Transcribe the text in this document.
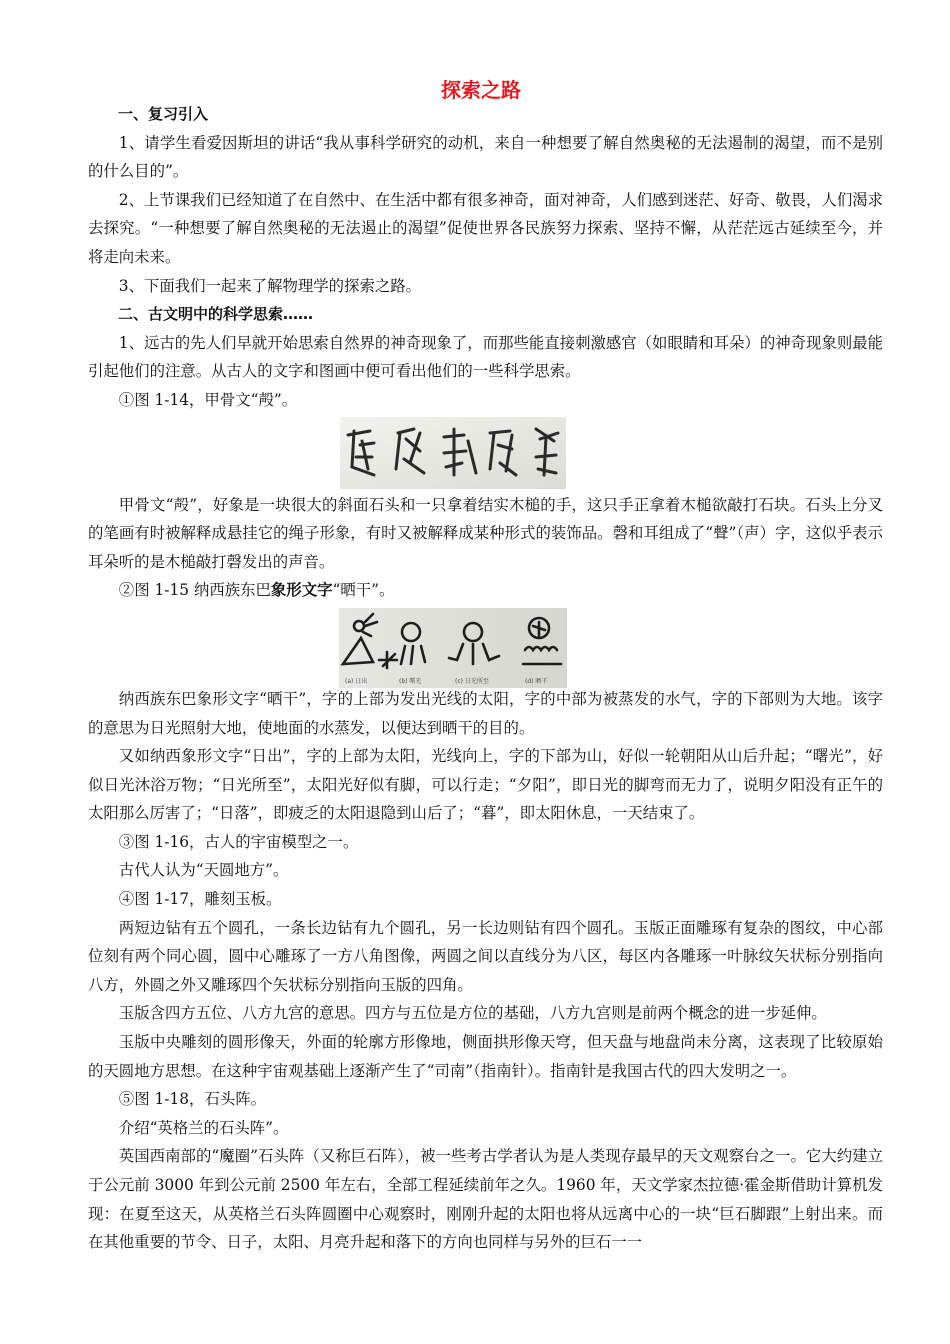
探索之路

一、复习引入

1、请学生看爱因斯坦的讲话“我从事科学研究的动机，来自一种想要了解自然奥秘的无法遏制的渴望，而不是别的什么目的”。

2、上节课我们已经知道了在自然中、在生活中都有很多神奇，面对神奇，人们感到迷茫、好奇、敬畏，人们渴求去探究。“一种想要了解自然奥秘的无法遏止的渴望”促使世界各民族努力探索、坚持不懈，从茫茫远古延续至今，并将走向未来。

3、下面我们一起来了解物理学的探索之路。

二、古文明中的科学思索……

1、远古的先人们早就开始思索自然界的神奇现象了，而那些能直接刺激感官（如眼睛和耳朵）的神奇现象则最能引起他们的注意。从古人的文字和图画中便可看出他们的一些科学思索。

①图 1-14，甲骨文“殸”。

甲骨文“殸”，好象是一块很大的斜面石头和一只拿着结实木槌的手，这只手正拿着木槌欲敲打石块。石头上分叉的笔画有时被解释成悬挂它的绳子形象，有时又被解释成某种形式的装饰品。磬和耳组成了“聲”（声）字，这似乎表示耳朵听的是木槌敲打磬发出的声音。

②图 1-15 纳西族东巴象形文字“晒干”。

(a) 日出	(b) 曙光	(c) 日光所至	(d) 晒干

纳西族东巴象形文字“晒干”，字的上部为发出光线的太阳，字的中部为被蒸发的水气，字的下部则为大地。该字的意思为日光照射大地，使地面的水蒸发，以便达到晒干的目的。

又如纳西象形文字“日出”，字的上部为太阳，光线向上，字的下部为山，好似一轮朝阳从山后升起；“曙光”，好似日光沐浴万物；“日光所至”，太阳光好似有脚，可以行走；“夕阳”，即日光的脚弯而无力了，说明夕阳没有正午的太阳那么厉害了；“日落”，即疲乏的太阳退隐到山后了；“暮”，即太阳休息，一天结束了。

③图 1-16，古人的宇宙模型之一。

古代人认为“天圆地方”。

④图 1-17，雕刻玉板。

两短边钻有五个圆孔，一条长边钻有九个圆孔，另一长边则钻有四个圆孔。玉版正面雕琢有复杂的图纹，中心部位刻有两个同心圆，圆中心雕琢了一方八角图像，两圆之间以直线分为八区，每区内各雕琢一叶脉纹矢状标分别指向八方，外圆之外又雕琢四个矢状标分别指向玉版的四角。

玉版含四方五位、八方九宫的意思。四方与五位是方位的基础，八方九宫则是前两个概念的进一步延伸。

玉版中央雕刻的圆形像天，外面的轮廓方形像地，侧面拱形像天穹，但天盘与地盘尚未分离，这表现了比较原始的天圆地方思想。在这种宇宙观基础上逐渐产生了“司南”（指南针）。指南针是我国古代的四大发明之一。

⑤图 1-18，石头阵。

介绍“英格兰的石头阵”。

英国西南部的“魔圈”石头阵（又称巨石阵），被一些考古学者认为是人类现存最早的天文观察台之一。它大约建立于公元前 3000 年到公元前 2500 年左右，全部工程延续前年之久。1960 年，天文学家杰拉德·霍金斯借助计算机发现：在夏至这天，从英格兰石头阵圆圈中心观察时，刚刚升起的太阳也将从远离中心的一块“巨石脚跟”上射出来。而在其他重要的节令、日子，太阳、月亮升起和落下的方向也同样与另外的巨石一一
